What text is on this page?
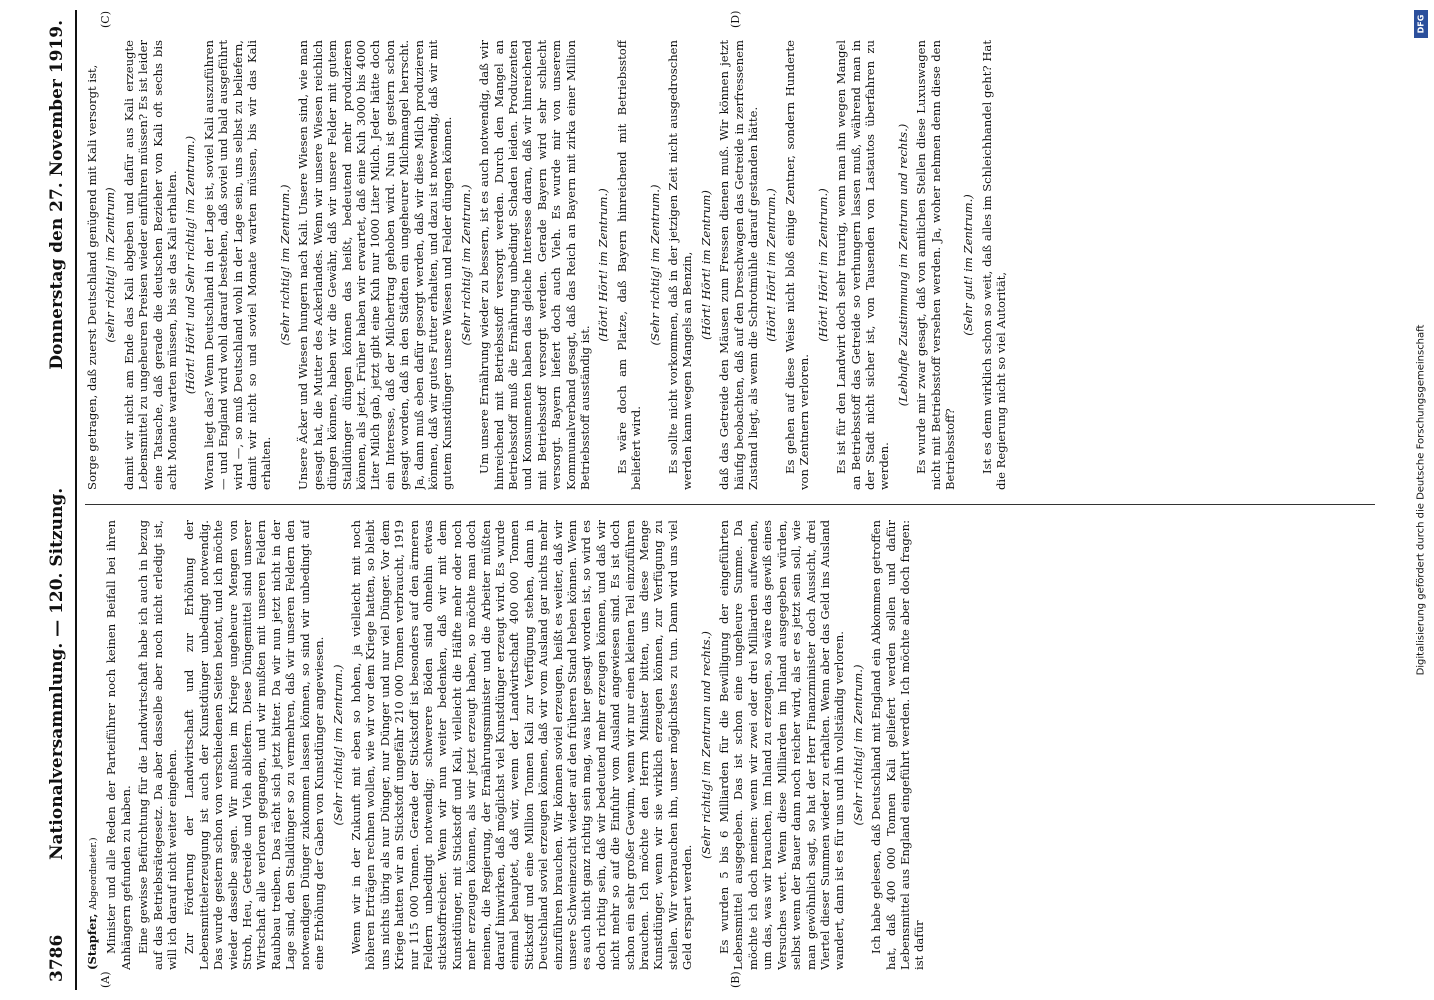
3786
Nationalversammlung. — 120. Sitzung.
Donnerstag den 27. November 1919.
(A)	(B)
(C)	(D)

(Stapfer, Abgeordneter.) Minister und alle Reden der Parteiführer noch keinen Beifall bei ihren Anhängern gefunden zu haben. Eine gewisse Befürchtung für die Landwirtschaft habe ich auch in bezug auf das Betriebsrätegesetz. Da aber dasselbe aber noch nicht erledigt ist, will ich darauf nicht weiter eingehen. Zur Förderung der Landwirtschaft und zur Erhöhung der Lebensmittelerzeugung ist auch der Kunstdünger unbedingt notwendig. Das wurde gestern schon von verschiedenen Seiten betont, und ich möchte wieder dasselbe sagen. Wir mußten im Kriege ungeheure Mengen von Stroh, Heu, Getreide und Vieh abliefern. Diese Düngemittel sind unserer Wirtschaft alle verloren gegangen, und wir mußten mit unseren Feldern Raubbau treiben. Das rächt sich jetzt bitter. Da wir nun jetzt nicht in der Lage sind, den Stalldünger so zu vermehren, daß wir unseren Feldern den notwendigen Dünger zukommen lassen können, so sind wir unbedingt auf eine Erhöhung der Gaben von Kunstdünger angewiesen. (Sehr richtig! im Zentrum.) Wenn wir in der Zukunft mit eben so hohen, ja vielleicht mit noch höheren Erträgen rechnen wollen, wie wir vor dem Kriege hatten, so bleibt uns nichts übrig als nur Dünger, nur Dünger und nur viel Dünger. Vor dem Kriege hatten wir an Stickstoff ungefähr 210 000 Tonnen verbraucht, 1919 nur 115 000 Tonnen. Gerade der Stickstoff ist besonders auf den ärmeren Feldern unbedingt notwendig; schwerere Böden sind ohnehin etwas stickstoffreicher. Wenn wir nun weiter bedenken, daß wir mit dem Kunstdünger, mit Stickstoff und Kali, vielleicht die Hälfte mehr oder noch mehr erzeugen können, als wir jetzt erzeugt haben, so möchte man doch meinen, die Regierung, der Ernährungsminister und die Arbeiter müßten darauf hinwirken, daß möglichst viel Kunstdünger erzeugt wird. Es wurde einmal behauptet, daß wir, wenn der Landwirtschaft 400 000 Tonnen Stickstoff und eine Million Tonnen Kali zur Verfügung stehen, dann in Deutschland soviel erzeugen können, daß wir vom Ausland gar nichts mehr einzuführen brauchen. Wir können soviel erzeugen, heißt es weiter, daß wir unsere Schweinezucht wieder auf den früheren Stand heben können. Wenn es auch nicht ganz richtig sein mag, was hier gesagt worden ist, so wird es doch richtig sein, daß wir bedeutend mehr erzeugen können, und daß wir nicht mehr so auf die Einfuhr vom Ausland angewiesen sind. Es ist doch schon ein sehr großer Gewinn, wenn wir nur einen kleinen Teil einzuführen brauchen. Ich möchte den Herrn Minister bitten, uns diese Menge Kunstdünger, wenn wir sie wirklich erzeugen können, zur Verfügung zu stellen. Wir verbrauchen ihn, unser möglichstes zu tun. Dann wird uns viel Geld erspart werden.

(Sehr richtig! im Zentrum und rechts.) Es wurden 5 bis 6 Milliarden für die Bewilligung der eingeführten Lebensmittel ausgegeben. Das ist schon eine ungeheure Summe. Da möchte ich doch meinen: wenn wir zwei oder drei Milliarden aufwenden, um das, was wir brauchen, im Inland zu erzeugen, so wäre das gewiß eines Versuches wert. Wenn diese Milliarden im Inland ausgegeben würden, selbst wenn der Bauer dann noch reicher wird, als er es jetzt sein soll, wie man gewöhnlich sagt, so hat der Herr Finanzminister doch Aussicht, drei Viertel dieser Summen wieder zu erhalten. Wenn aber das Geld ins Ausland wandert, dann ist es für uns und ihn vollständig verloren. (Sehr richtig! im Zentrum.) Ich habe gelesen, daß Deutschland mit England ein Abkommen getroffen hat, daß 400 000 Tonnen Kali geliefert werden sollen und dafür Lebensmittel aus England eingeführt werden. Ich möchte aber doch fragen: ist dafür

Sorge getragen, daß zuerst Deutschland genügend mit Kali versorgt ist, (sehr richtig! im Zentrum) damit wir nicht am Ende das Kali abgeben und dafür aus Kali erzeugte Lebensmittel zu ungeheuren Preisen wieder einführen müssen? Es ist leider eine Tatsache, daß gerade die deutschen Bezieher von Kali oft sechs bis acht Monate warten müssen, bis sie das Kali erhalten. (Hört! Hört! und Sehr richtig! im Zentrum.) Woran liegt das? Wenn Deutschland in der Lage ist, soviel Kali auszuführen — und England wird wohl darauf bestehen, daß soviel und bald ausgeführt wird —, so muß Deutschland wohl in der Lage sein, uns selbst zu beliefern, damit wir nicht so und soviel Monate warten müssen, bis wir das Kali erhalten.

(Sehr richtig! im Zentrum.) Unsere Äcker und Wiesen hungern nach Kali. Unsere Wiesen sind, wie man gesagt hat, die Mutter des Ackerlandes. Wenn wir unsere Wiesen reichlich düngen können, haben wir die Gewähr, daß wir unsere Felder mit gutem Stalldünger düngen können das heißt, bedeutend mehr produzieren können, als jetzt. Früher haben wir erwartet, daß eine Kuh 3000 bis 4000 Liter Milch gab, jetzt gibt eine Kuh nur 1000 Liter Milch. Jeder hätte doch ein Interesse, daß der Milchertrag gehoben wird. Nun ist gestern schon gesagt worden, daß in den Städten ein ungeheurer Milchmangel herrscht. Ja, dann muß eben dafür gesorgt werden, daß wir diese Milch produzieren können, daß wir gutes Futter erhalten, und dazu ist notwendig, daß wir mit gutem Kunstdünger unsere Wiesen und Felder düngen können. (Sehr richtig! im Zentrum.) Um unsere Ernährung wieder zu bessern, ist es auch notwendig, daß wir hinreichend mit Betriebsstoff versorgt werden. Durch den Mangel an Betriebsstoff muß die Ernährung unbedingt Schaden leiden. Produzenten und Konsumenten haben das gleiche Interesse daran, daß wir hinreichend mit Betriebsstoff versorgt werden. Gerade Bayern wird sehr schlecht versorgt. Bayern liefert doch auch Vieh. Es wurde mir von unserem Kommunalverband gesagt, daß das Reich an Bayern mit zirka einer Million Betriebsstoff ausständig ist.

(Hört! Hört! im Zentrum.) Es wäre doch am Platze, daß Bayern hinreichend mit Betriebsstoff beliefert wird.

(Sehr richtig! im Zentrum.) Es sollte nicht vorkommen, daß in der jetzigen Zeit nicht ausgedroschen werden kann wegen Mangels an Benzin, (Hört! Hört! im Zentrum) daß das Getreide den Mäusen zum Fressen dienen muß. Wir können jetzt häufig beobachten, daß auf den Dreschwagen das Getreide in zerfressenem Zustand liegt, als wenn die Schrotmühle darauf gestanden hätte. (Hört! Hört! im Zentrum.) Es gehen auf diese Weise nicht bloß einige Zentner, sondern Hunderte von Zentnern verloren.

(Hört! Hört! im Zentrum.) Es ist für den Landwirt doch sehr traurig, wenn man ihn wegen Mangel an Betriebsstoff das Getreide so verhungern lassen muß, während man in der Stadt nicht sicher ist, von Tausenden von Lastautos überfahren zu werden.

(Lebhafte Zustimmung im Zentrum und rechts.) Es wurde mir zwar gesagt, daß von amtlichen Stellen diese Luxuswagen nicht mit Betriebsstoff versehen werden. Ja, woher nehmen denn diese den Betriebsstoff?

(Sehr gut! im Zentrum.) Ist es denn wirklich schon so weit, daß alles im Schleichhandel geht? Hat die Regierung nicht so viel Autorität,

DFG
Digitalisierung gefördert durch die Deutsche Forschungsgemeinschaft
